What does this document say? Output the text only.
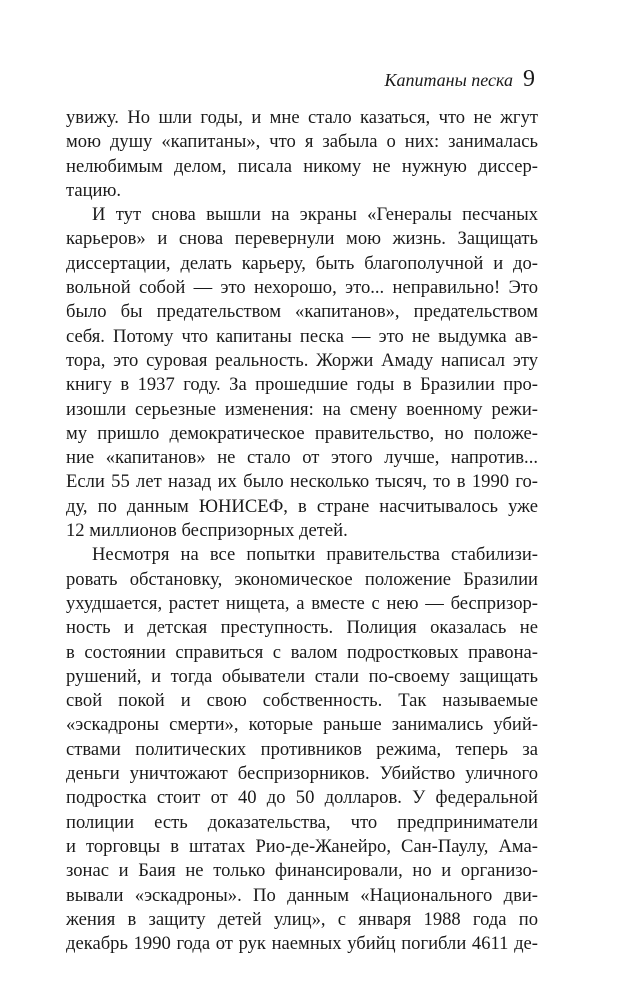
Капитаны песка 9
увижу. Но шли годы, и мне стало казаться, что не жгут
мою душу «капитаны», что я забыла о них: занималась
нелюбимым делом, писала никому не нужную диссер-
тацию.
И тут снова вышли на экраны «Генералы песчаных
карьеров» и снова перевернули мою жизнь. Защищать
диссертации, делать карьеру, быть благополучной и до-
вольной собой — это нехорошо, это... неправильно! Это
было бы предательством «капитанов», предательством
себя. Потому что капитаны песка — это не выдумка ав-
тора, это суровая реальность. Жоржи Амаду написал эту
книгу в 1937 году. За прошедшие годы в Бразилии про-
изошли серьезные изменения: на смену военному режи-
му пришло демократическое правительство, но положе-
ние «капитанов» не стало от этого лучше, напротив...
Если 55 лет назад их было несколько тысяч, то в 1990 го-
ду, по данным ЮНИСЕФ, в стране насчитывалось уже
12 миллионов беспризорных детей.
Несмотря на все попытки правительства стабилизи-
ровать обстановку, экономическое положение Бразилии
ухудшается, растет нищета, а вместе с нею — беспризор-
ность и детская преступность. Полиция оказалась не
в состоянии справиться с валом подростковых правона-
рушений, и тогда обыватели стали по-своему защищать
свой покой и свою собственность. Так называемые
«эскадроны смерти», которые раньше занимались убий-
ствами политических противников режима, теперь за
деньги уничтожают беспризорников. Убийство уличного
подростка стоит от 40 до 50 долларов. У федеральной
полиции есть доказательства, что предприниматели
и торговцы в штатах Рио-де-Жанейро, Сан-Паулу, Ама-
зонас и Баия не только финансировали, но и организо-
вывали «эскадроны». По данным «Национального дви-
жения в защиту детей улиц», с января 1988 года по
декабрь 1990 года от рук наемных убийц погибли 4611 де-
